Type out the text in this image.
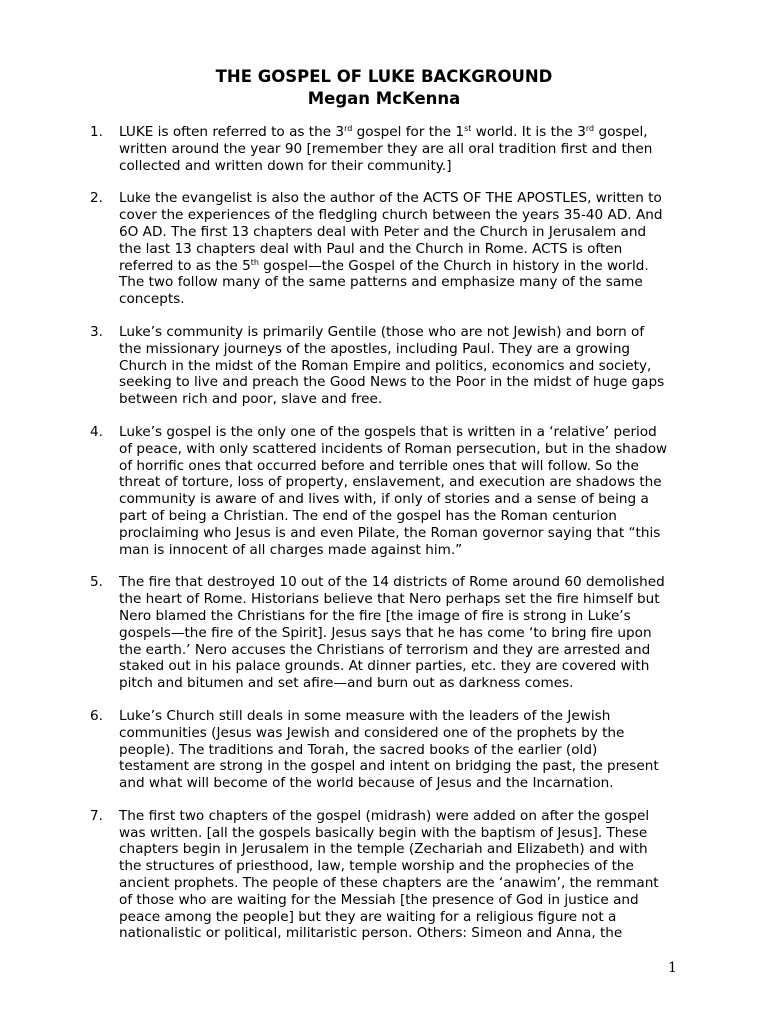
THE GOSPEL OF LUKE BACKGROUND

Megan McKenna

1.	LUKE is often referred to as the 3rd gospel for the 1st world. It is the 3rd gospel,
written around the year 90 [remember they are all oral tradition first and then
collected and written down for their community.]
2.	Luke the evangelist is also the author of the ACTS OF THE APOSTLES, written to
cover the experiences of the fledgling church between the years 35-40 AD. And
6O AD. The first 13 chapters deal with Peter and the Church in Jerusalem and
the last 13 chapters deal with Paul and the Church in Rome. ACTS is often
referred to as the 5th gospel—the Gospel of the Church in history in the world.
The two follow many of the same patterns and emphasize many of the same
concepts.
3.	Luke’s community is primarily Gentile (those who are not Jewish) and born of
the missionary journeys of the apostles, including Paul. They are a growing
Church in the midst of the Roman Empire and politics, economics and society,
seeking to live and preach the Good News to the Poor in the midst of huge gaps
between rich and poor, slave and free.
4.	Luke’s gospel is the only one of the gospels that is written in a ‘relative’ period
of peace, with only scattered incidents of Roman persecution, but in the shadow
of horrific ones that occurred before and terrible ones that will follow. So the
threat of torture, loss of property, enslavement, and execution are shadows the
community is aware of and lives with, if only of stories and a sense of being a
part of being a Christian. The end of the gospel has the Roman centurion
proclaiming who Jesus is and even Pilate, the Roman governor saying that “this
man is innocent of all charges made against him.”
5.	The fire that destroyed 10 out of the 14 districts of Rome around 60 demolished
the heart of Rome. Historians believe that Nero perhaps set the fire himself but
Nero blamed the Christians for the fire [the image of fire is strong in Luke’s
gospels—the fire of the Spirit]. Jesus says that he has come ‘to bring fire upon
the earth.’ Nero accuses the Christians of terrorism and they are arrested and
staked out in his palace grounds. At dinner parties, etc. they are covered with
pitch and bitumen and set afire—and burn out as darkness comes.
6.	Luke’s Church still deals in some measure with the leaders of the Jewish
communities (Jesus was Jewish and considered one of the prophets by the
people). The traditions and Torah, the sacred books of the earlier (old)
testament are strong in the gospel and intent on bridging the past, the present
and what will become of the world because of Jesus and the Incarnation.
7.	The first two chapters of the gospel (midrash) were added on after the gospel
was written. [all the gospels basically begin with the baptism of Jesus]. These
chapters begin in Jerusalem in the temple (Zechariah and Elizabeth) and with
the structures of priesthood, law, temple worship and the prophecies of the
ancient prophets. The people of these chapters are the ‘anawim’, the remmant
of those who are waiting for the Messiah [the presence of God in justice and
peace among the people] but they are waiting for a religious figure not a
nationalistic or political, militaristic person. Others: Simeon and Anna, the
1
